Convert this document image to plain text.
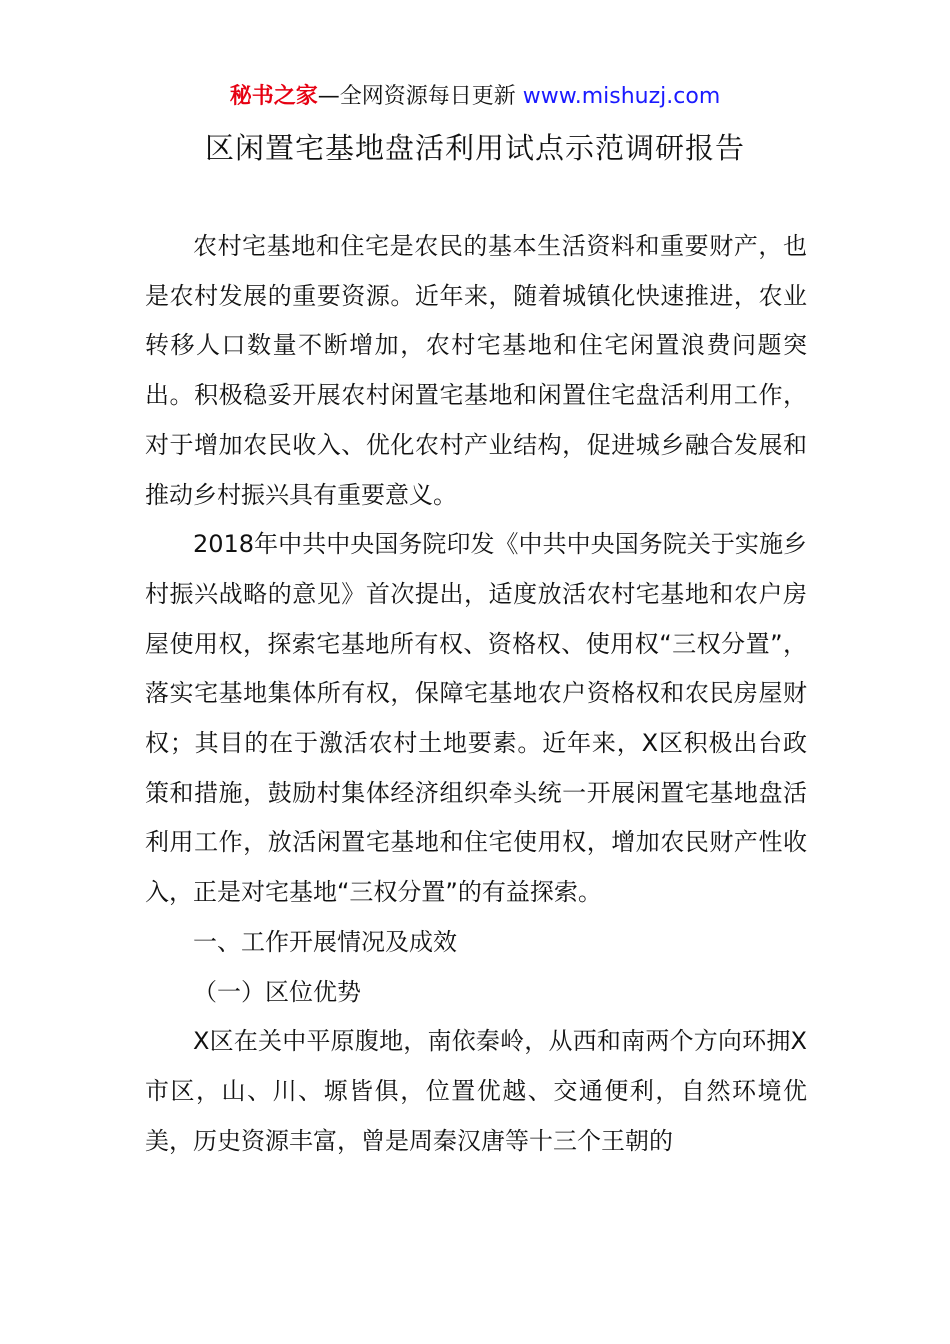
秘书之家—全网资源每日更新 www.mishuzj.com
区闲置宅基地盘活利用试点示范调研报告

农村宅基地和住宅是农民的基本生活资料和重要财产，也是农村发展的重要资源。近年来，随着城镇化快速推进，农业转移人口数量不断增加，农村宅基地和住宅闲置浪费问题突出。积极稳妥开展农村闲置宅基地和闲置住宅盘活利用工作，对于增加农民收入、优化农村产业结构，促进城乡融合发展和推动乡村振兴具有重要意义。

2018年中共中央国务院印发《中共中央国务院关于实施乡村振兴战略的意见》首次提出，适度放活农村宅基地和农户房屋使用权，探索宅基地所有权、资格权、使用权“三权分置”，落实宅基地集体所有权，保障宅基地农户资格权和农民房屋财权；其目的在于激活农村土地要素。近年来，X区积极出台政策和措施，鼓励村集体经济组织牵头统一开展闲置宅基地盘活利用工作，放活闲置宅基地和住宅使用权，增加农民财产性收入，正是对宅基地“三权分置”的有益探索。

一、工作开展情况及成效

（一）区位优势

X区在关中平原腹地，南依秦岭，从西和南两个方向环拥X市区，山、川、塬皆俱，位置优越、交通便利，自然环境优美，历史资源丰富，曾是周秦汉唐等十三个王朝的
